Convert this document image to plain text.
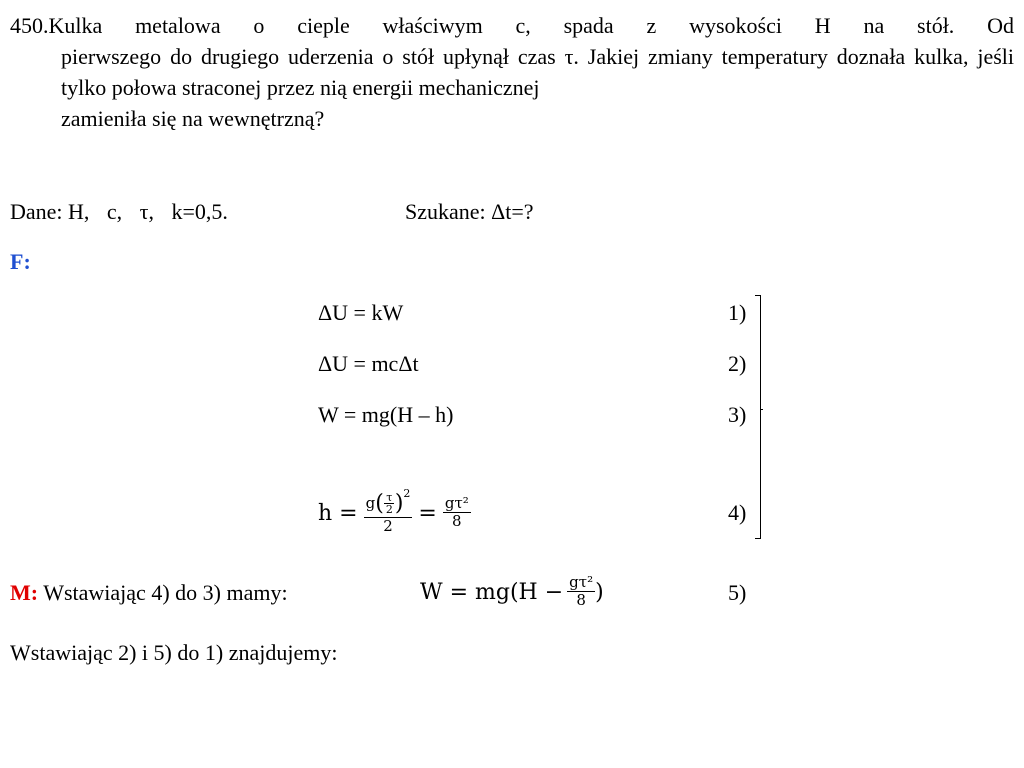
450.Kulka metalowa o cieple właściwym c, spada z wysokości H na stół. Od
pierwszego do drugiego uderzenia o stół upłynął czas τ. Jakiej zmiany temperatury doznała kulka, jeśli tylko połowa straconej przez nią energii mechanicznej
zamieniła się na wewnętrzną?
Dane: H, c, τ, k=0,5.	Szukane: Δt=?
F:
ΔU = kW	1)
ΔU = mcΔt	2)
W = mg(H – h)	3)
$h = \frac{g ( \frac{\tau}{2} )^2}{2} = \frac{\text{gτ²}}{8}$	4)
M: Wstawiając 4) do 3) mamy:	$W = mg(H - \frac{\text{gτ²}}{8}$ )	5)
Wstawiając 2) i 5) do 1) znajdujemy:
